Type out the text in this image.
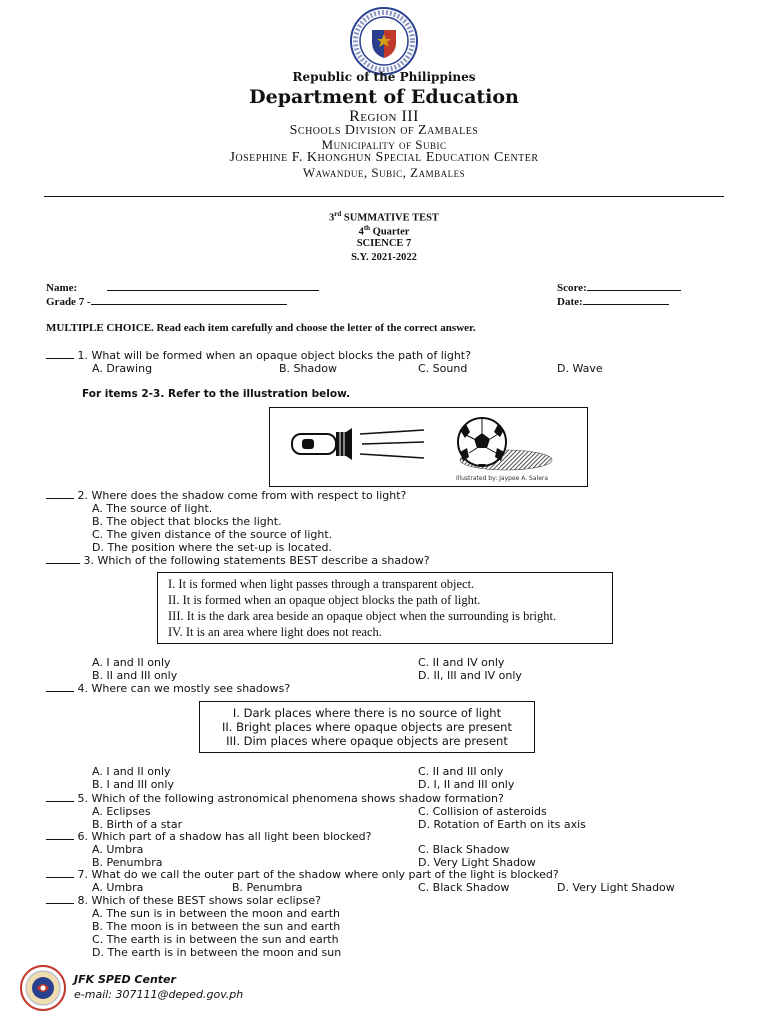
Republic of the Philippines
Department of Education
Region III
Schools Division of Zambales
Municipality of Subic
Josephine F. Khonghun Special Education Center
Wawandue, Subic, Zambales
3rd SUMMATIVE TEST
4th Quarter
SCIENCE 7
S.Y. 2021-2022
Name:
Grade 7 -
Score:
Date:
MULTIPLE CHOICE. Read each item carefully and choose the letter of the correct answer.
1. What will be formed when an opaque object blocks the path of light?
A. Drawing	B. Shadow	C. Sound	D. Wave
For items 2-3. Refer to the illustration below.
Illustrated by: Jaypee A. Salera
2. Where does the shadow come from with respect to light?
A. The source of light.
B. The object that blocks the light.
C. The given distance of the source of light.
D. The position where the set-up is located.
3. Which of the following statements BEST describe a shadow?
I. It is formed when light passes through a transparent object.
II. It is formed when an opaque object blocks the path of light.
III. It is the dark area beside an opaque object when the surrounding is bright.
IV. It is an area where light does not reach.
A. I and II only
B. II and III only
C. II and IV only
D. II, III and IV only
4. Where can we mostly see shadows?
I. Dark places where there is no source of light
II. Bright places where opaque objects are present
III. Dim places where opaque objects are present
A. I and II only
B. I and III only
C. II and III only
D. I, II and III only
5. Which of the following astronomical phenomena shows shadow formation?
A. Eclipses
B. Birth of a star
C. Collision of asteroids
D. Rotation of Earth on its axis
6. Which part of a shadow has all light been blocked?
A. Umbra
B. Penumbra
C. Black Shadow
D. Very Light Shadow
7. What do we call the outer part of the shadow where only part of the light is blocked?
A. Umbra	B. Penumbra	C. Black Shadow	D. Very Light Shadow
8. Which of these BEST shows solar eclipse?
A. The sun is in between the moon and earth
B. The moon is in between the sun and earth
C. The earth is in between the sun and earth
D. The earth is in between the moon and sun
JFK SPED Center
e-mail: 307111@deped.gov.ph
